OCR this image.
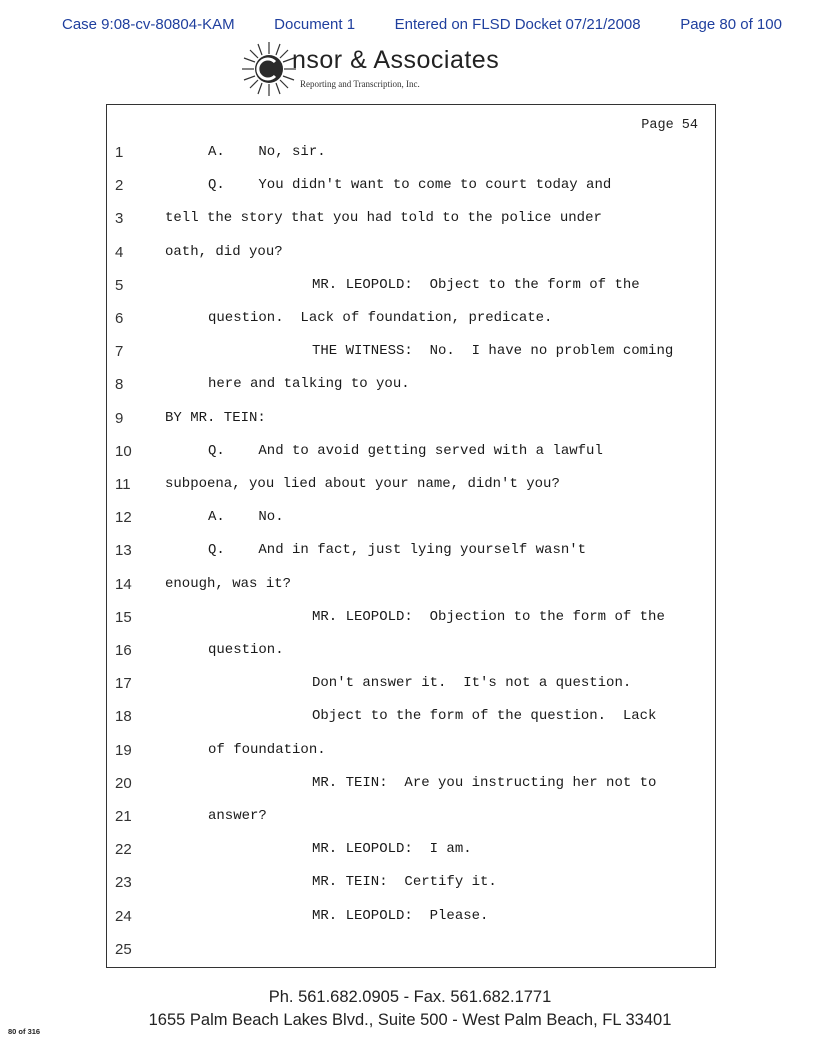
Case 9:08-cv-80804-KAM	Document 1	Entered on FLSD Docket 07/21/2008	Page 80 of 100
nsor & Associates
Reporting and Transcription, Inc.
Page 54
1	A.    No, sir.
2	Q.    You didn't want to come to court today and
3	tell the story that you had told to the police under
4	oath, did you?
5	MR. LEOPOLD:  Object to the form of the
6	question.  Lack of foundation, predicate.
7	THE WITNESS:  No.  I have no problem coming
8	here and talking to you.
9	BY MR. TEIN:
10	Q.    And to avoid getting served with a lawful
11	subpoena, you lied about your name, didn't you?
12	A.    No.
13	Q.    And in fact, just lying yourself wasn't
14	enough, was it?
15	MR. LEOPOLD:  Objection to the form of the
16	question.
17	Don't answer it.  It's not a question.
18	Object to the form of the question.  Lack
19	of foundation.
20	MR. TEIN:  Are you instructing her not to
21	answer?
22	MR. LEOPOLD:  I am.
23	MR. TEIN:  Certify it.
24	MR. LEOPOLD:  Please.
25
Ph. 561.682.0905 - Fax. 561.682.1771
1655 Palm Beach Lakes Blvd., Suite 500 - West Palm Beach, FL 33401
80 of 316
